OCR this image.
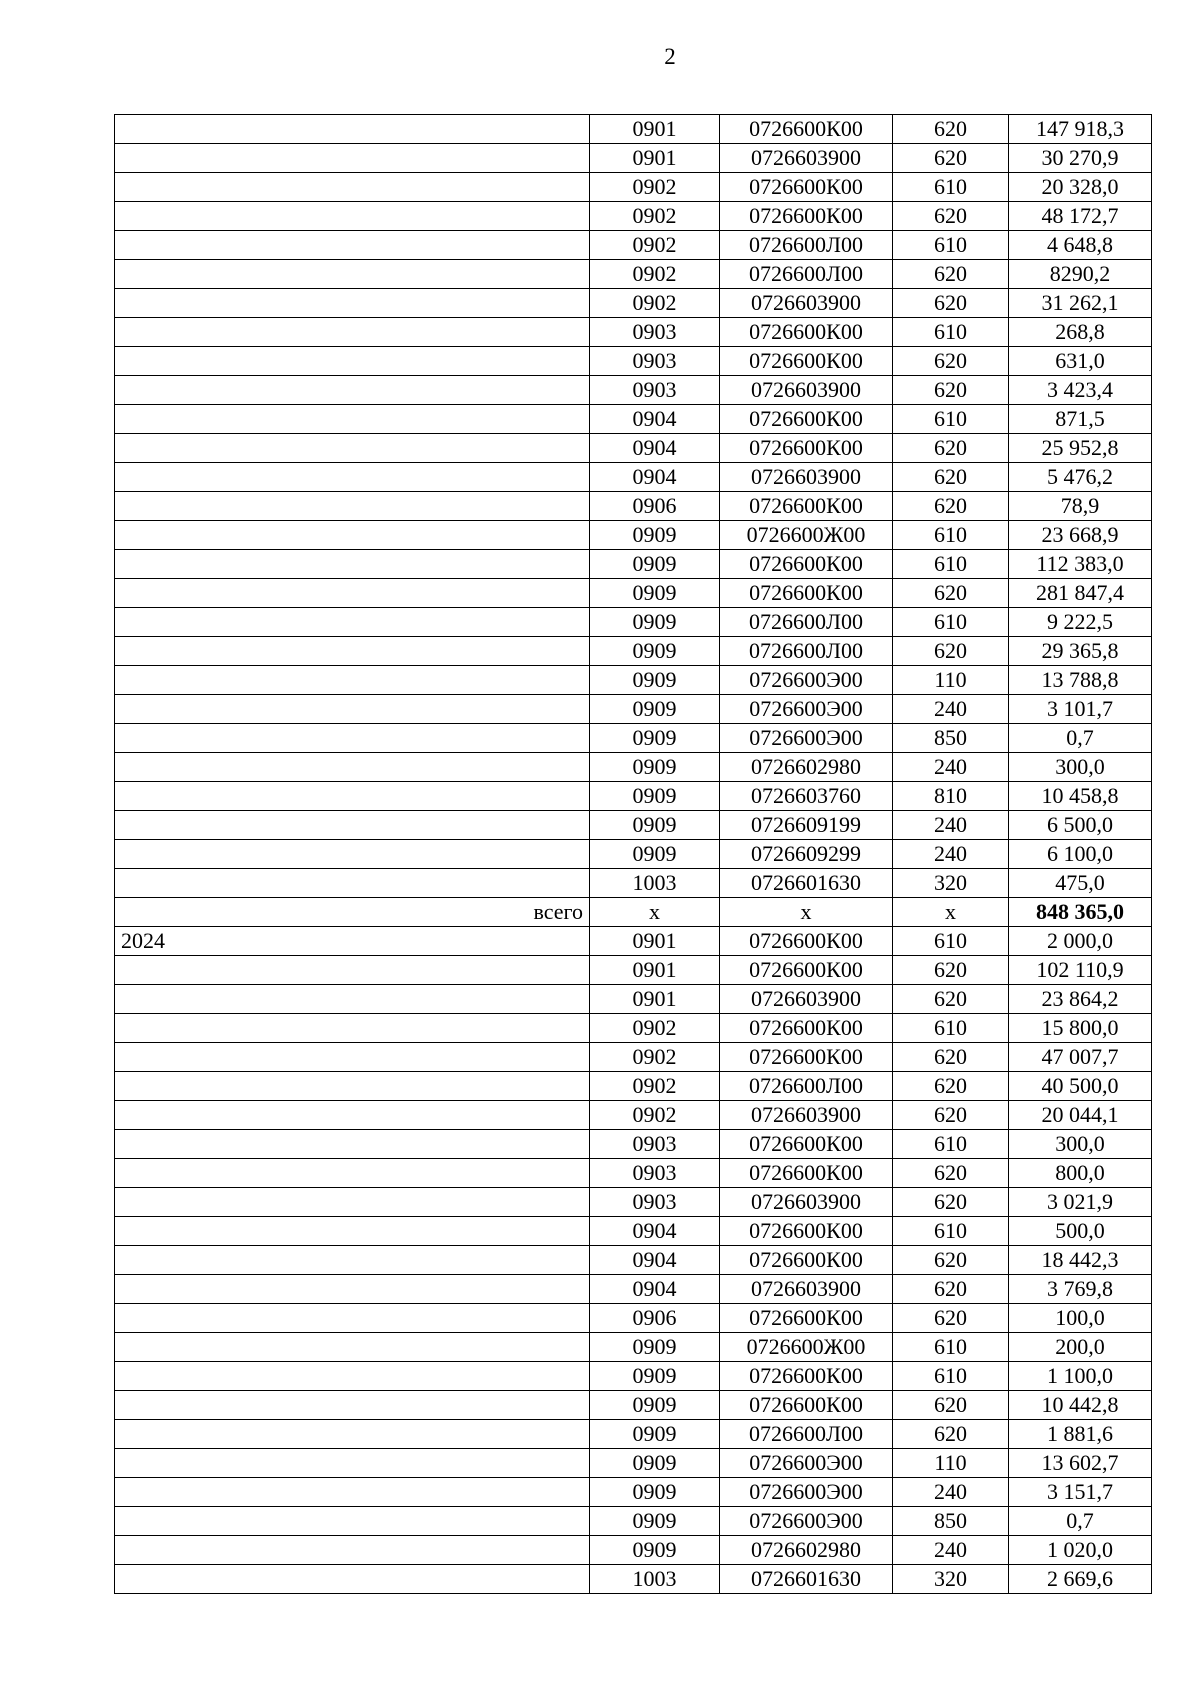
2
	0901	0726600К00	620	147 918,3
	0901	0726603900	620	30 270,9
	0902	0726600К00	610	20 328,0
	0902	0726600К00	620	48 172,7
	0902	0726600Л00	610	4 648,8
	0902	0726600Л00	620	8290,2
	0902	0726603900	620	31 262,1
	0903	0726600К00	610	268,8
	0903	0726600К00	620	631,0
	0903	0726603900	620	3 423,4
	0904	0726600К00	610	871,5
	0904	0726600К00	620	25 952,8
	0904	0726603900	620	5 476,2
	0906	0726600К00	620	78,9
	0909	0726600Ж00	610	23 668,9
	0909	0726600К00	610	112 383,0
	0909	0726600К00	620	281 847,4
	0909	0726600Л00	610	9 222,5
	0909	0726600Л00	620	29 365,8
	0909	0726600Э00	110	13 788,8
	0909	0726600Э00	240	3 101,7
	0909	0726600Э00	850	0,7
	0909	0726602980	240	300,0
	0909	0726603760	810	10 458,8
	0909	0726609199	240	6 500,0
	0909	0726609299	240	6 100,0
	1003	0726601630	320	475,0
всего	х	х	х	848 365,0
2024	0901	0726600К00	610	2 000,0
	0901	0726600К00	620	102 110,9
	0901	0726603900	620	23 864,2
	0902	0726600К00	610	15 800,0
	0902	0726600К00	620	47 007,7
	0902	0726600Л00	620	40 500,0
	0902	0726603900	620	20 044,1
	0903	0726600К00	610	300,0
	0903	0726600К00	620	800,0
	0903	0726603900	620	3 021,9
	0904	0726600К00	610	500,0
	0904	0726600К00	620	18 442,3
	0904	0726603900	620	3 769,8
	0906	0726600К00	620	100,0
	0909	0726600Ж00	610	200,0
	0909	0726600К00	610	1 100,0
	0909	0726600К00	620	10 442,8
	0909	0726600Л00	620	1 881,6
	0909	0726600Э00	110	13 602,7
	0909	0726600Э00	240	3 151,7
	0909	0726600Э00	850	0,7
	0909	0726602980	240	1 020,0
	1003	0726601630	320	2 669,6
